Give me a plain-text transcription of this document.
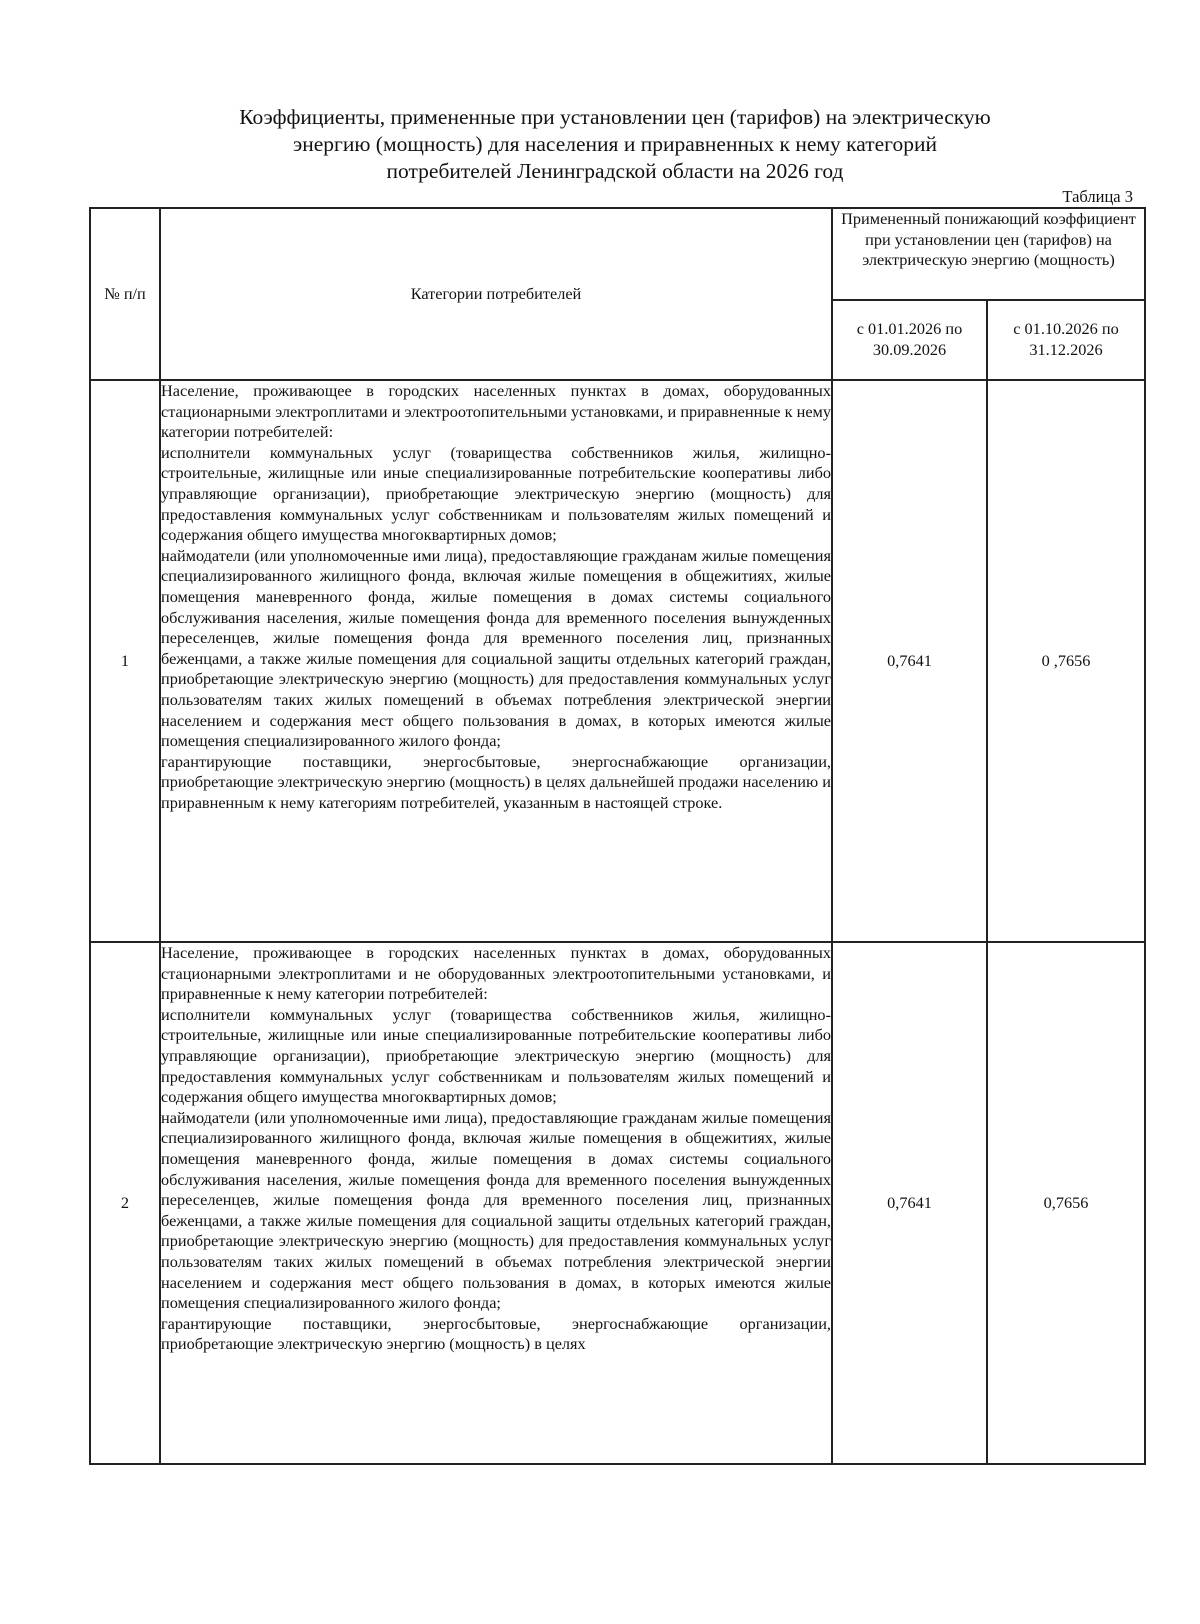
Коэффициенты, примененные при установлении цен (тарифов) на электрическую
энергию (мощность) для населения и приравненных к нему категорий
потребителей Ленинградской области на 2026 год
Таблица 3
№ п/п	Категории потребителей	Примененный понижающий коэффициент при установлении цен (тарифов) на электрическую энергию (мощность)	
		с 01.01.2026 по 30.09.2026	с 01.10.2026 по 31.12.2026
1	Население, проживающее в городских населенных пунктах в домах, оборудованных стационарными электроплитами и электроотопительными установками, и приравненные к нему категории потребителей:

исполнители коммунальных услуг (товарищества собственников жилья, жилищно-строительные, жилищные или иные специализированные потребительские кооперативы либо управляющие организации), приобретающие электрическую энергию (мощность) для предоставления коммунальных услуг собственникам и пользователям жилых помещений и содержания общего имущества многоквартирных домов;

наймодатели (или уполномоченные ими лица), предоставляющие гражданам жилые помещения специализированного жилищного фонда, включая жилые помещения в общежитиях, жилые помещения маневренного фонда, жилые помещения в домах системы социального обслуживания населения, жилые помещения фонда для временного поселения вынужденных переселенцев, жилые помещения фонда для временного поселения лиц, признанных беженцами, а также жилые помещения для социальной защиты отдельных категорий граждан, приобретающие электрическую энергию (мощность) для предоставления коммунальных услуг пользователям таких жилых помещений в объемах потребления электрической энергии населением и содержания мест общего пользования в домах, в которых имеются жилые помещения специализированного жилого фонда;

гарантирующие поставщики, энергосбытовые, энергоснабжающие организации, приобретающие электрическую энергию (мощность) в целях дальнейшей продажи населению и приравненным к нему категориям потребителей, указанным в настоящей строке.	0,7641	0 ,7656
2	Население, проживающее в городских населенных пунктах в домах, оборудованных стационарными электроплитами и не оборудованных электроотопительными установками, и приравненные к нему категории потребителей:

исполнители коммунальных услуг (товарищества собственников жилья, жилищно-строительные, жилищные или иные специализированные потребительские кооперативы либо управляющие организации), приобретающие электрическую энергию (мощность) для предоставления коммунальных услуг собственникам и пользователям жилых помещений и содержания общего имущества многоквартирных домов;

наймодатели (или уполномоченные ими лица), предоставляющие гражданам жилые помещения специализированного жилищного фонда, включая жилые помещения в общежитиях, жилые помещения маневренного фонда, жилые помещения в домах системы социального обслуживания населения, жилые помещения фонда для временного поселения вынужденных переселенцев, жилые помещения фонда для временного поселения лиц, признанных беженцами, а также жилые помещения для социальной защиты отдельных категорий граждан, приобретающие электрическую энергию (мощность) для предоставления коммунальных услуг пользователям таких жилых помещений в объемах потребления электрической энергии населением и содержания мест общего пользования в домах, в которых имеются жилые помещения специализированного жилого фонда;

гарантирующие поставщики, энергосбытовые, энергоснабжающие организации, приобретающие электрическую энергию (мощность) в целях	0,7641	0,7656
